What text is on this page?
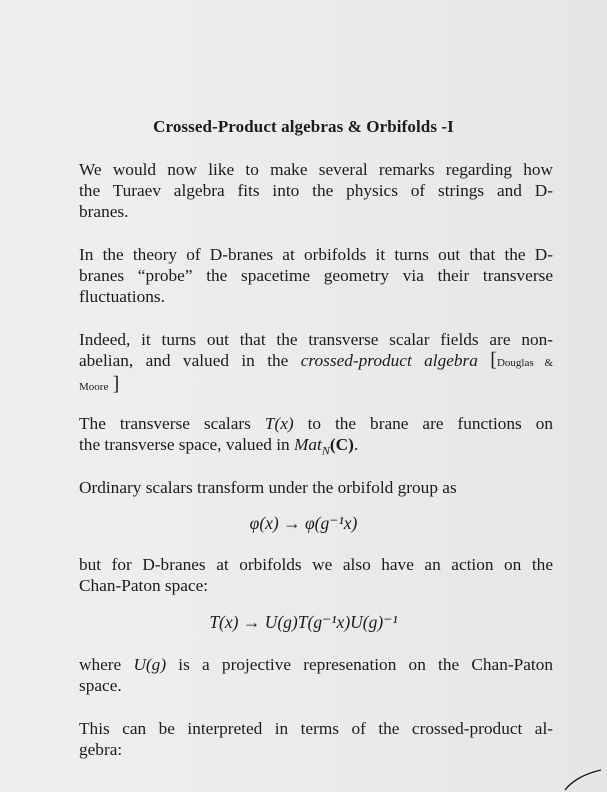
Crossed-Product algebras & Orbifolds -I
We would now like to make several remarks regarding how
the Turaev algebra fits into the physics of strings and D-
branes.
In the theory of D-branes at orbifolds it turns out that the D-
branes “probe” the spacetime geometry via their transverse
fluctuations.
Indeed, it turns out that the transverse scalar fields are non-
abelian, and valued in the crossed-product algebra [Douglas &
Moore ]
The transverse scalars T(x) to the brane are functions on
the transverse space, valued in Mat$_N$(C).
Ordinary scalars transform under the orbifold group as
φ(x) → φ(g⁻¹x)
but for D-branes at orbifolds we also have an action on the
Chan-Paton space:
T(x) → U(g)T(g⁻¹x)U(g)⁻¹
where U(g) is a projective represenation on the Chan-Paton
space.
This can be interpreted in terms of the crossed-product al-
gebra:
